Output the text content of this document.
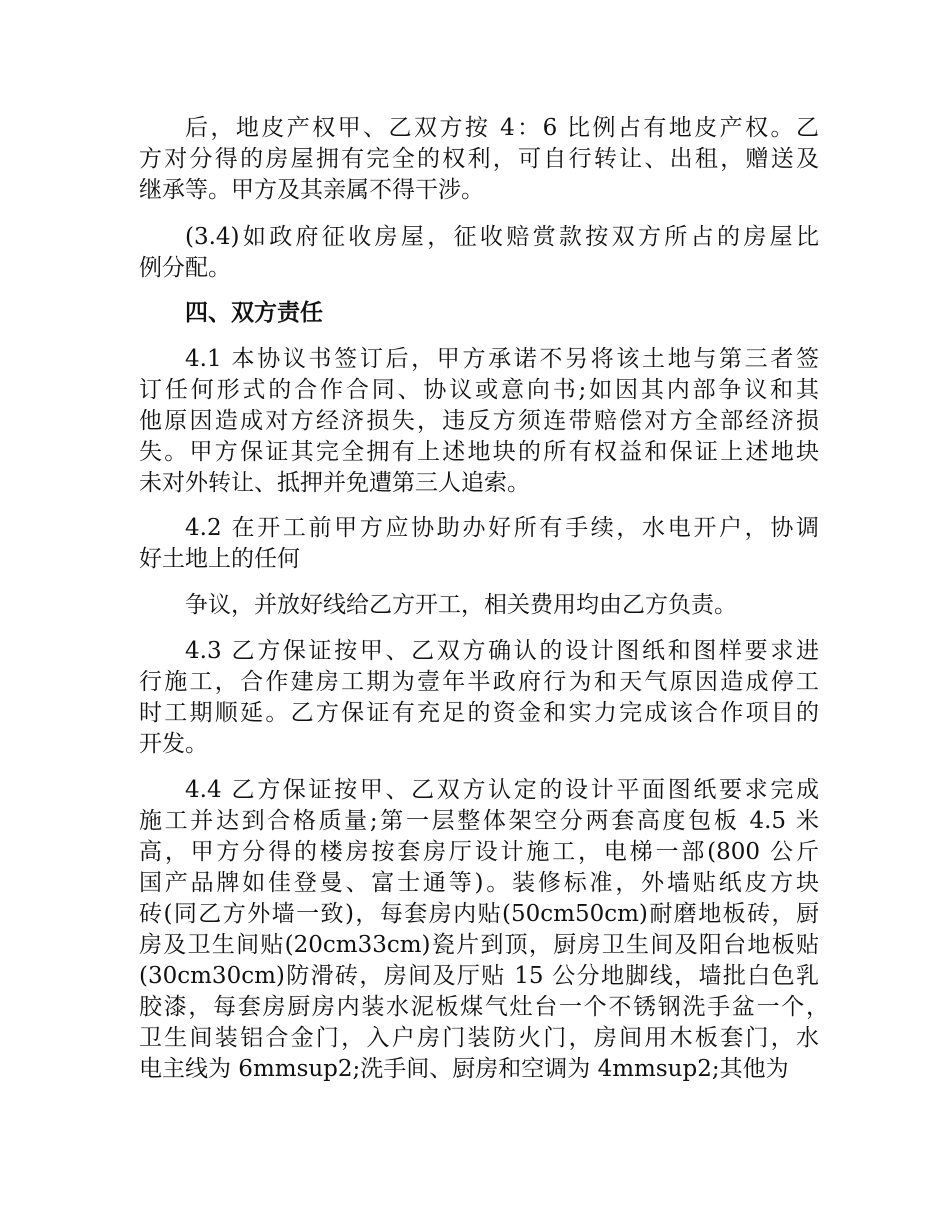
后，地皮产权甲、乙双方按 4：6 比例占有地皮产权。乙
方对分得的房屋拥有完全的权利，可自行转让、出租，赠送及
继承等。甲方及其亲属不得干涉。
(3.4)如政府征收房屋，征收赔赏款按双方所占的房屋比
例分配。
四、双方责任
4.1 本协议书签订后，甲方承诺不另将该土地与第三者签
订任何形式的合作合同、协议或意向书;如因其内部争议和其
他原因造成对方经济损失，违反方须连带赔偿对方全部经济损
失。甲方保证其完全拥有上述地块的所有权益和保证上述地块
未对外转让、抵押并免遭第三人追索。
4.2 在开工前甲方应协助办好所有手续，水电开户，协调
好土地上的任何
争议，并放好线给乙方开工，相关费用均由乙方负责。
4.3 乙方保证按甲、乙双方确认的设计图纸和图样要求进
行施工，合作建房工期为壹年半政府行为和天气原因造成停工
时工期顺延。乙方保证有充足的资金和实力完成该合作项目的
开发。
4.4 乙方保证按甲、乙双方认定的设计平面图纸要求完成
施工并达到合格质量;第一层整体架空分两套高度包板 4.5 米
高，甲方分得的楼房按套房厅设计施工，电梯一部(800 公斤
国产品牌如佳登曼、富士通等)。装修标准，外墙贴纸皮方块
砖(同乙方外墙一致)，每套房内贴(50cm50cm)耐磨地板砖，厨
房及卫生间贴(20cm33cm)瓷片到顶，厨房卫生间及阳台地板贴
(30cm30cm)防滑砖，房间及厅贴 15 公分地脚线，墙批白色乳
胶漆，每套房厨房内装水泥板煤气灶台一个不锈钢洗手盆一个，
卫生间装铝合金门，入户房门装防火门，房间用木板套门，水
电主线为 6mmsup2;洗手间、厨房和空调为 4mmsup2;其他为
